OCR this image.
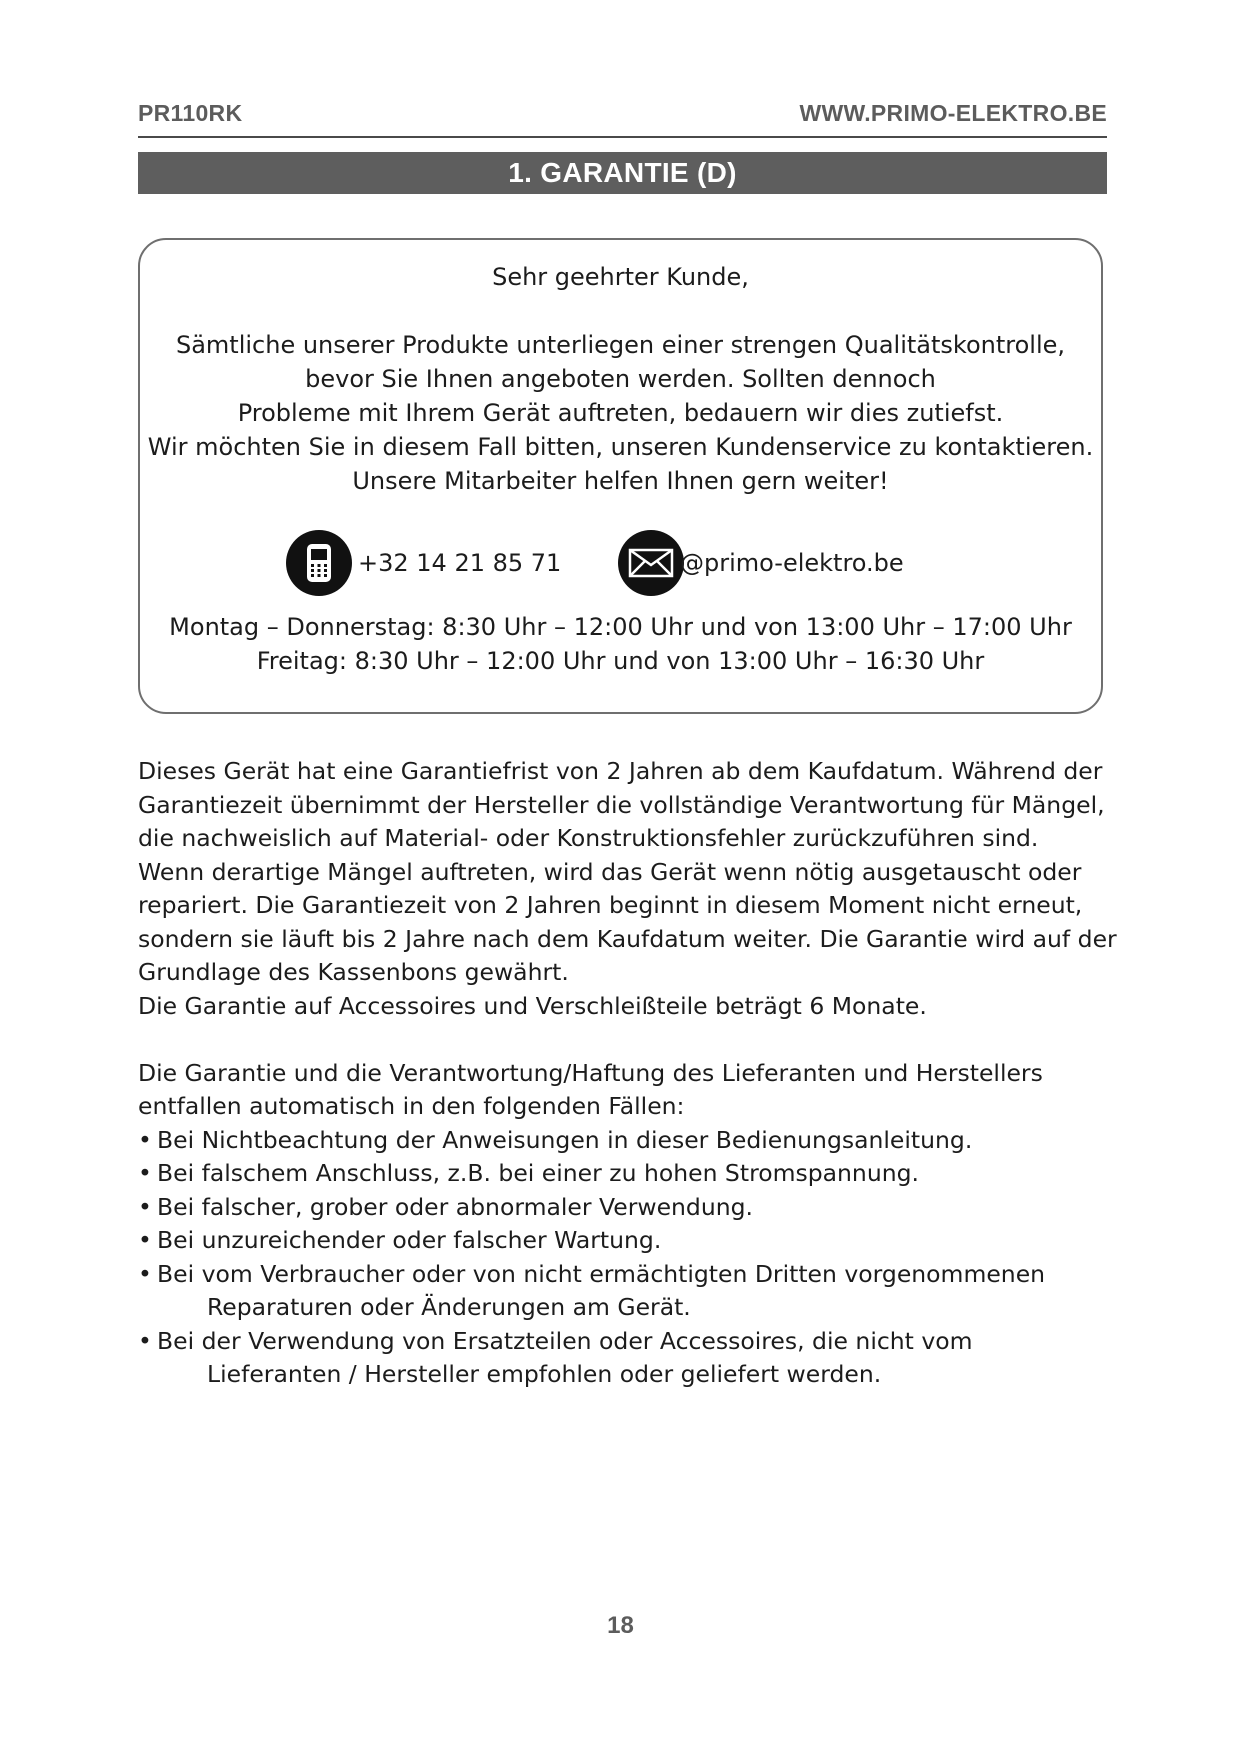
PR110RK	WWW.PRIMO-ELEKTRO.BE
1. GARANTIE (D)
Sehr geehrter Kunde,
Sämtliche unserer Produkte unterliegen einer strengen Qualitätskontrolle,
bevor Sie Ihnen angeboten werden. Sollten dennoch
Probleme mit Ihrem Gerät auftreten, bedauern wir dies zutiefst.
Wir möchten Sie in diesem Fall bitten, unseren Kundenservice zu kontaktieren.
Unsere Mitarbeiter helfen Ihnen gern weiter!
+32 14 21 85 71	@primo-elektro.be
Montag – Donnerstag: 8:30 Uhr – 12:00 Uhr und von 13:00 Uhr – 17:00 Uhr
Freitag: 8:30 Uhr – 12:00 Uhr und von 13:00 Uhr – 16:30 Uhr
Dieses Gerät hat eine Garantiefrist von 2 Jahren ab dem Kaufdatum. Während der
Garantiezeit übernimmt der Hersteller die vollständige Verantwortung für Mängel,
die nachweislich auf Material- oder Konstruktionsfehler zurückzuführen sind.
Wenn derartige Mängel auftreten, wird das Gerät wenn nötig ausgetauscht oder
repariert. Die Garantiezeit von 2 Jahren beginnt in diesem Moment nicht erneut,
sondern sie läuft bis 2 Jahre nach dem Kaufdatum weiter. Die Garantie wird auf der
Grundlage des Kassenbons gewährt.
Die Garantie auf Accessoires und Verschleißteile beträgt 6 Monate.
Die Garantie und die Verantwortung/Haftung des Lieferanten und Herstellers
entfallen automatisch in den folgenden Fällen:
• Bei Nichtbeachtung der Anweisungen in dieser Bedienungsanleitung.
• Bei falschem Anschluss, z.B. bei einer zu hohen Stromspannung.
• Bei falscher, grober oder abnormaler Verwendung.
• Bei unzureichender oder falscher Wartung.
• Bei vom Verbraucher oder von nicht ermächtigten Dritten vorgenommenen
Reparaturen oder Änderungen am Gerät.
• Bei der Verwendung von Ersatzteilen oder Accessoires, die nicht vom
Lieferanten / Hersteller empfohlen oder geliefert werden.
18
